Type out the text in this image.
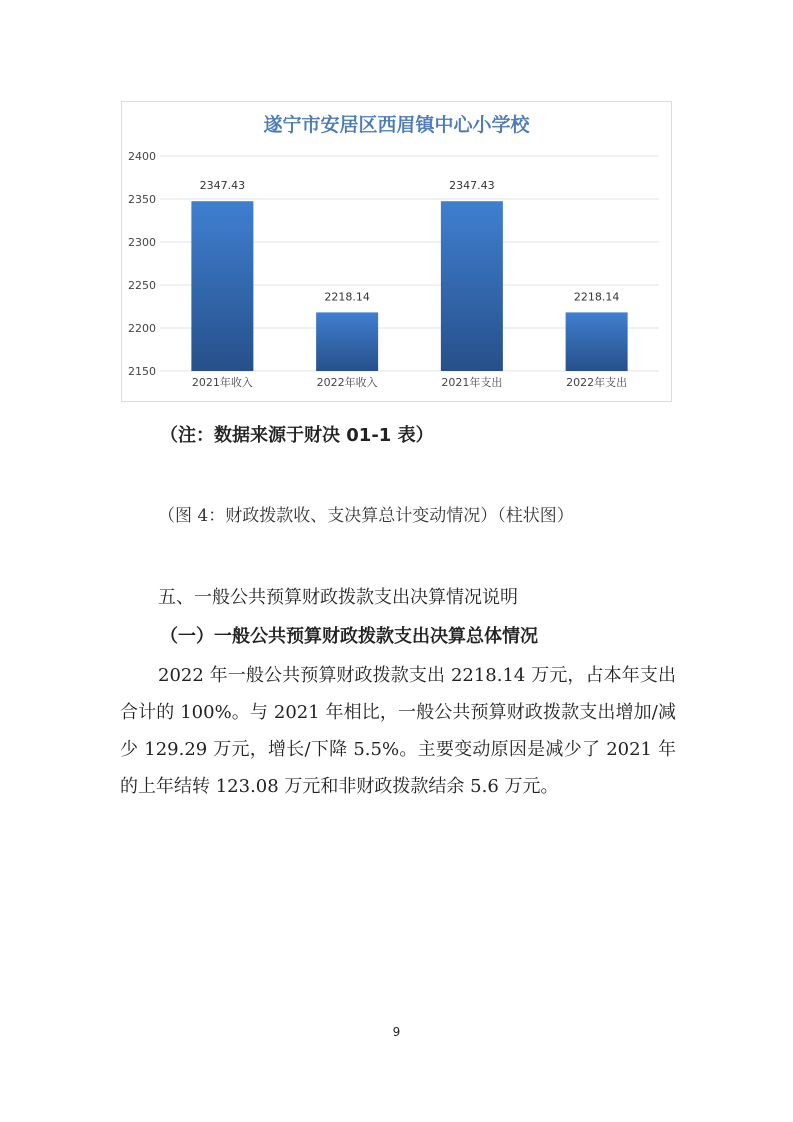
2150
2200
2250
2300
2350
2400
2347.43
2021年收入
2218.14
2022年收入
2347.43
2021年支出
2218.14
2022年支出
遂宁市安居区西眉镇中心小学校
（注：数据来源于财决 01-1 表）
（图 4：财政拨款收、支决算总计变动情况）（柱状图）
五、一般公共预算财政拨款支出决算情况说明
（一）一般公共预算财政拨款支出决算总体情况

2022 年一般公共预算财政拨款支出 2218.14 万元，占本年支出合计的 100%。与 2021 年相比，一般公共预算财政拨款支出增加/减少 129.29 万元，增长/下降 5.5%。主要变动原因是减少了 2021 年的上年结转 123.08 万元和非财政拨款结余 5.6 万元。

9
